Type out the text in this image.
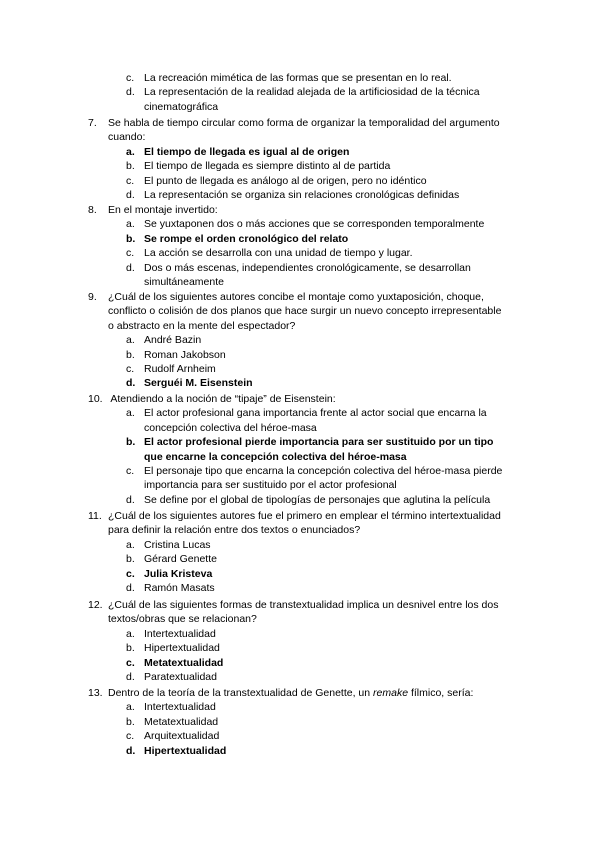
c. La recreación mimética de las formas que se presentan en lo real.
d. La representación de la realidad alejada de la artificiosidad de la técnica
cinematográfica
7. Se habla de tiempo circular como forma de organizar la temporalidad del argumento
cuando:
a. El tiempo de llegada es igual al de origen
b. El tiempo de llegada es siempre distinto al de partida
c. El punto de llegada es análogo al de origen, pero no idéntico
d. La representación se organiza sin relaciones cronológicas definidas
8. En el montaje invertido:
a. Se yuxtaponen dos o más acciones que se corresponden temporalmente
b. Se rompe el orden cronológico del relato
c. La acción se desarrolla con una unidad de tiempo y lugar.
d. Dos o más escenas, independientes cronológicamente, se desarrollan
simultáneamente
9. ¿Cuál de los siguientes autores concibe el montaje como yuxtaposición, choque,
conflicto o colisión de dos planos que hace surgir un nuevo concepto irrepresentable
o abstracto en la mente del espectador?
a. André Bazin
b. Roman Jakobson
c. Rudolf Arnheim
d. Serguéi M. Eisenstein
10. Atendiendo a la noción de “tipaje” de Eisenstein:
a. El actor profesional gana importancia frente al actor social que encarna la
concepción colectiva del héroe-masa
b. El actor profesional pierde importancia para ser sustituido por un tipo
que encarne la concepción colectiva del héroe-masa
c. El personaje tipo que encarna la concepción colectiva del héroe-masa pierde
importancia para ser sustituido por el actor profesional
d. Se define por el global de tipologías de personajes que aglutina la película
11. ¿Cuál de los siguientes autores fue el primero en emplear el término intertextualidad
para definir la relación entre dos textos o enunciados?
a. Cristina Lucas
b. Gérard Genette
c. Julia Kristeva
d. Ramón Masats
12. ¿Cuál de las siguientes formas de transtextualidad implica un desnivel entre los dos
textos/obras que se relacionan?
a. Intertextualidad
b. Hipertextualidad
c. Metatextualidad
d. Paratextualidad
13. Dentro de la teoría de la transtextualidad de Genette, un remake fílmico, sería:
a. Intertextualidad
b. Metatextualidad
c. Arquitextualidad
d. Hipertextualidad
